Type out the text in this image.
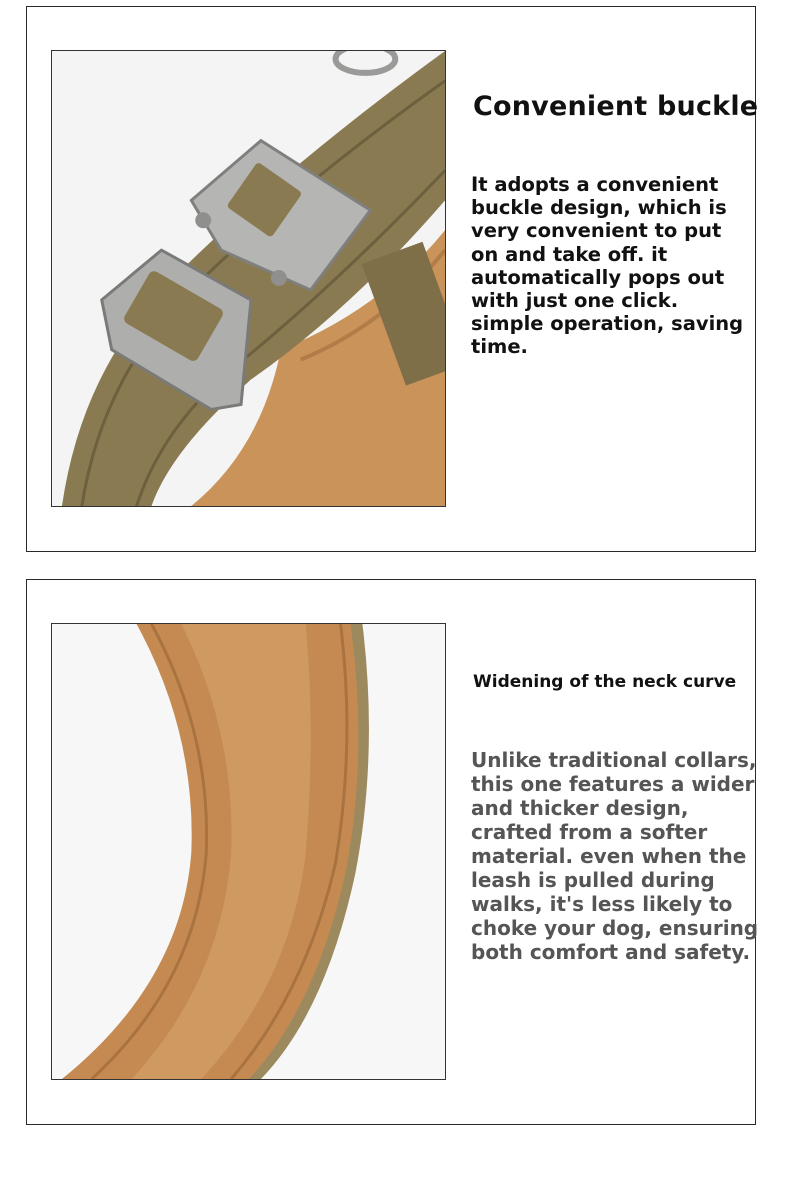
Convenient buckle
It adopts a convenient
buckle design, which is
very convenient to put
on and take off. it
automatically pops out
with just one click.
simple operation, saving
time.
Widening of the neck curve
Unlike traditional collars,
this one features a wider
and thicker design,
crafted from a softer
material. even when the
leash is pulled during
walks, it's less likely to
choke your dog, ensuring
both comfort and safety.
